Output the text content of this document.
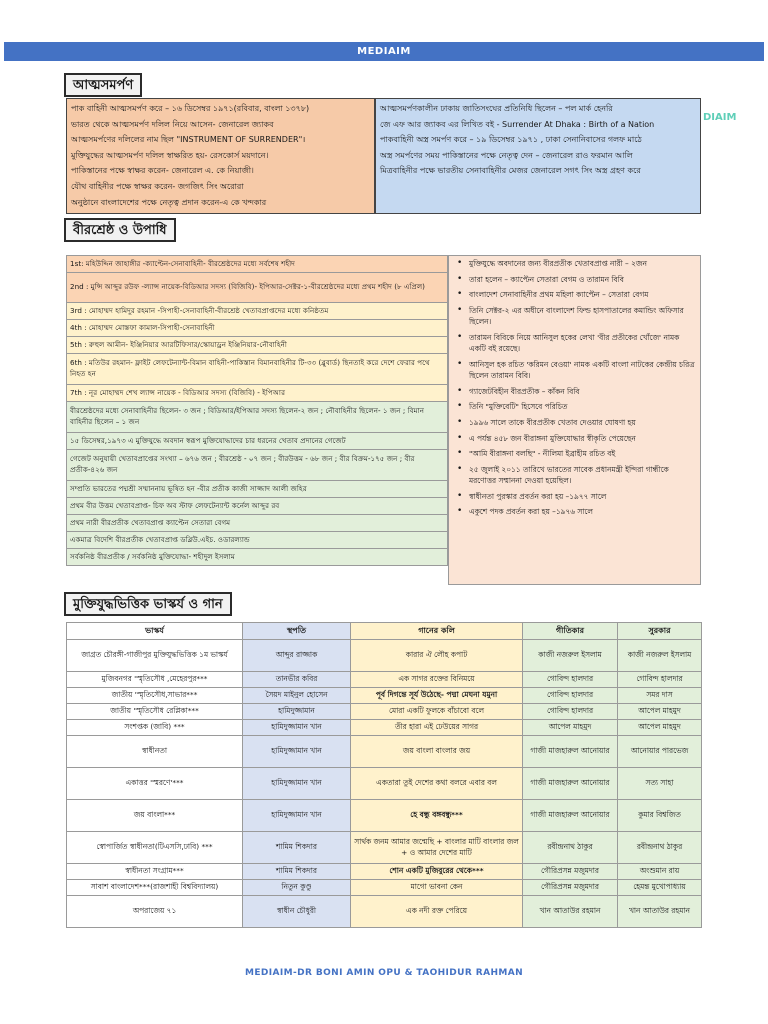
MEDIAIM
DIAIM
আত্মসমর্পণ
পাক বাহিনী আত্মসমর্পণ করে – ১৬ ডিসেম্বর ১৯৭১(রবিবার, বাংলা ১৩৭৮)
ভারত থেকে আত্মসমর্পণ দলিল নিয়ে আসেন- জেনারেল জ্যাকব
আত্মসমর্পণের দলিলের নাম ছিল "INSTRUMENT OF SURRENDER"।
মুক্তিযুদ্ধের আত্মসমর্পণ দলিল স্বাক্ষরিত হয়- রেসকোর্স ময়দানে।
পাকিস্তানের পক্ষে স্বাক্ষর করেন- জেনারেল এ. কে নিয়াজী।
যৌথ বাহিনীর পক্ষে স্বাক্ষর করেন- জগজিৎ সিং অরোরা
অনুষ্ঠানে বাংলাদেশের পক্ষে নেতৃত্ব প্রদান করেন-এ কে খন্দকার
আত্মসমর্পণকালীন ঢাকায় জাতিসংঘের প্রতিনিধি ছিলেন – পল মার্ক হেনরি
জে এফ আর জ্যাকব এর লিখিত বই - Surrender At Dhaka : Birth of a Nation
পাকবাহিনী অস্ত্র সমর্পণ করে – ১৯ ডিসেম্বর ১৯৭১ , ঢাকা সেনানিবাসের গলফ মাঠে
অস্ত্র সমর্পণের সময় পাকিস্তানের পক্ষে নেতৃত্ব দেন – জেনারেল রাও ফরমান আলি
মিত্রবাহিনীর পক্ষে ভারতীয় সেনাবাহিনীর মেজর জেনারেল সগৎ সিং অস্ত্র গ্রহণ করে
বীরশ্রেষ্ঠ ও উপাধি
1st: মহিউদ্দিন জাহাঙ্গীর -ক্যাপ্টেন-সেনাবাহিনী- বীরশ্রেষ্ঠদের মধ্যে সর্বশেষ শহীদ
2nd : মুন্সি আব্দুর রউফ -ল্যান্স নায়েক-বিডিআর সদস্য (বিজিবি)- ইপিআর-সেক্টর-১-বীরশ্রেষ্ঠদের মধ্যে প্রথম শহীদ (৮ এপ্রিল)
3rd : মোহাম্মদ হামিদুর রহমান -সিপাহী-সেনাবাহিনী-বীরশ্রেষ্ঠ খেতাবপ্রাপ্তদের মধ্যে কনিষ্ঠতম
4th : মোহাম্মদ মোস্তফা কামাল-সিপাহী-সেনাবাহিনী
5th : রুহুল আমীন- ইঞ্জিনিয়ার আরটিফিসার/স্কোয়াড্রন ইঞ্জিনিয়ার-নৌবাহিনী
6th : মতিউর রহমান- ফ্লাইট লেফটেন্যান্ট-বিমান বাহিনী-পাকিস্তান বিমানবাহিনীর টি-৩৩ (ব্লুবার্ড) ছিনতাই করে দেশে ফেরার পথে নিহত হন
7th : নূর মোহাম্মদ শেখ ল্যান্স নায়েক - বিডিআর সদস্য (বিজিবি) - ইপিআর
বীরশ্রেষ্ঠদের মধ্যে সেনাবাহিনীর ছিলেন- ৩ জন ; বিডিআর/ইপিআর সদস্য ছিলেন-২ জন ; নৌবাহিনীর ছিলেন- ১ জন ; বিমান বাহিনীর ছিলেন – ১ জন
১৫ ডিসেম্বর,১৯৭৩ এ মুক্তিযুদ্ধে অবদান স্বরূপ মুক্তিযোদ্ধাদের চার ধরনের খেতাব প্রদানের গেজেট
গেজেট অনুযায়ী খেতাবপ্রাপ্তের সংখ্যা – ৬৭৬ জন ; বীরশ্রেষ্ঠ - ০৭ জন ; বীরউত্তম - ৬৮ জন ; বীর বিক্রম-১৭৫ জন ; বীর প্রতীক-৪২৬ জন
সম্প্রতি ভারতের পদ্মশ্রী সম্মাননায় ভূষিত হন -বীর প্রতীক কাজী সাজ্জাদ আলী জহির
প্রথম বীর উত্তম খেতাবপ্রাপ্ত- চিফ অব স্টাফ লেফটেন্যান্ট কর্নেল আব্দুর রব
প্রথম নারী বীরপ্রতীক খেতাবপ্রাপ্ত ক্যাপ্টেন সেতারা বেগম
একমাত্র বিদেশি বীরপ্রতীক খেতাবপ্রাপ্ত ডব্লিউ.এইচ. ওডারল্যান্ড
সর্বকনিষ্ঠ বীরপ্রতীক / সর্বকনিষ্ঠ মুক্তিযোদ্ধা- শহীদুল ইসলাম
• মুক্তিযুদ্ধে অবদানের জন্য বীরপ্রতীক খেতাবপ্রাপ্ত নারী – ২জন
• তারা হলেন – ক্যাপ্টেন সেতারা বেগম ও তারামন বিবি
• বাংলাদেশ সেনাবাহিনীর প্রথম মহিলা ক্যাপ্টেন – সেতারা বেগম
• তিনি সেক্টর-২ এর অধীনে বাংলাদেশ ফিল্ড হাসপাতালের কমান্ডিং অফিসার ছিলেন।
• তারামন বিবিকে নিয়ে আনিসুল হকের লেখা 'বীর প্রতীকের খোঁজে' নামক একটি বই রয়েছে।
• আনিসুল হক রচিত 'করিমন বেওয়া' নামক একটি বাংলা নাটকের কেন্দ্রীয় চরিত্র ছিলেন তারামন বিবি।
• গ্যাজেটবিহীন বীরপ্রতীক – কাঁকন বিবি
• তিনি "মুক্তিবেটি" হিসেবে পরিচিত
• ১৯৯৬ সালে তাকে বীরপ্রতীক খেতাব দেওয়ার ঘোষণা হয়
• এ পর্যন্ত ৪৫৮ জন বীরাঙ্গনা মুক্তিযোদ্ধার স্বীকৃতি পেয়েছেন
• "আমি বীরাঙ্গনা বলছি" - নীলিমা ইব্রাহীম রচিত বই
• ২৫ জুলাই ২০১১ তারিখে ভারতের সাবেক প্রধানমন্ত্রী ইন্দিরা গান্ধীকে মরণোত্তর সম্মাননা দেওয়া হয়েছিল।
• স্বাধীনতা পুরস্কার প্রবর্তন করা হয় –১৯৭৭ সালে
• একুশে পদক প্রবর্তন করা হয় –১৯৭৬ সালে
মুক্তিযুদ্ধভিত্তিক ভাস্কর্য ও গান
ভাস্কর্য	স্থপতি	গানের কলি	গীতিকার	সুরকার
জাগ্রত চৌরঙ্গী-গাজীপুর মুক্তিযুদ্ধভিত্তিক ১ম ভাস্কর্য	আব্দুর রাজ্জাক	কারার ঐ লৌহ কপাট	কাজী নজরুল ইসলাম	কাজী নজরুল ইসলাম
মুজিবনগর 'স্মৃতিসৌধ ,মেহেরপুর***	তানভীর কবির	এক সাগর রক্তের বিনিময়ে	গোবিন্দ হালদার	গোবিন্দ হালদার
জাতীয় 'স্মৃতিসৌধ,সাভার***	সৈয়দ মাইনুল হোসেন	পূর্ব দিগন্তে সূর্য উঠেছে- পদ্মা মেঘনা যমুনা	গোবিন্দ হালদার	সমর দাস
জাতীয় 'স্মৃতিসৌধ রেপ্লিকা***	হামিদুজ্জামান	মোরা একটি ফুলকে বাঁচাবো বলে	গোবিন্দ হালদার	আপেল মাহমুদ
সংশপ্তক (জাবি) ***	হামিদুজ্জামান খান	তীর হারা এই ঢেউয়ের সাগর	আপেল মাহমুদ	আপেল মাহমুদ
স্বাধীনতা	হামিদুজ্জামান খান	জয় বাংলা বাংলার জয়	গাজী মাজহারুল আনোয়ার	আনোয়ার পারভেজ
একাত্তর 'স্মরণে'***	হামিদুজ্জামান খান	একতারা তুই দেশের কথা বলরে এবার বল	গাজী মাজহারুল আনোয়ার	সত্য সাহা
জয় বাংলা***	হামিদুজ্জামান খান	হে বন্ধু বঙ্গবন্ধু***	গাজী মাজহারুল আনোয়ার	কুমার বিশ্বজিত
স্বোপার্জিত স্বাধীনতা(টিএসসি,ঢাবি) ***	শামিম শিকদার	সার্থক জনম আমার জন্মেছি + বাংলার মাটি বাংলার জল + ও আমার দেশের মাটি	রবীন্দ্রনাথ ঠাকুর	রবীন্দ্রনাথ ঠাকুর
স্বাধীনতা সংগ্রাম***	শামিম শিকদার	শোন একটি মুজিবুরের থেকে***	গৌরিপ্রসন্ন মজুমদার	অংশুমান রায়
সাবাশ বাংলাদেশ***(রাজশাহী বিশ্ববিদ্যালয়)	নিতুন কুণ্ডু	মাগো ভাবনা কেন	গৌরিপ্রসন্ন মজুমদার	হেমন্ত মুখোপাধ্যায়
অপরাজেয় ৭১	স্বাধীন চৌধুরী	এক নদী রক্ত পেরিয়ে	খান আতাউর রহমান	খান আতাউর রহমান
MEDIAIM-DR BONI AMIN OPU & TAOHIDUR RAHMAN
